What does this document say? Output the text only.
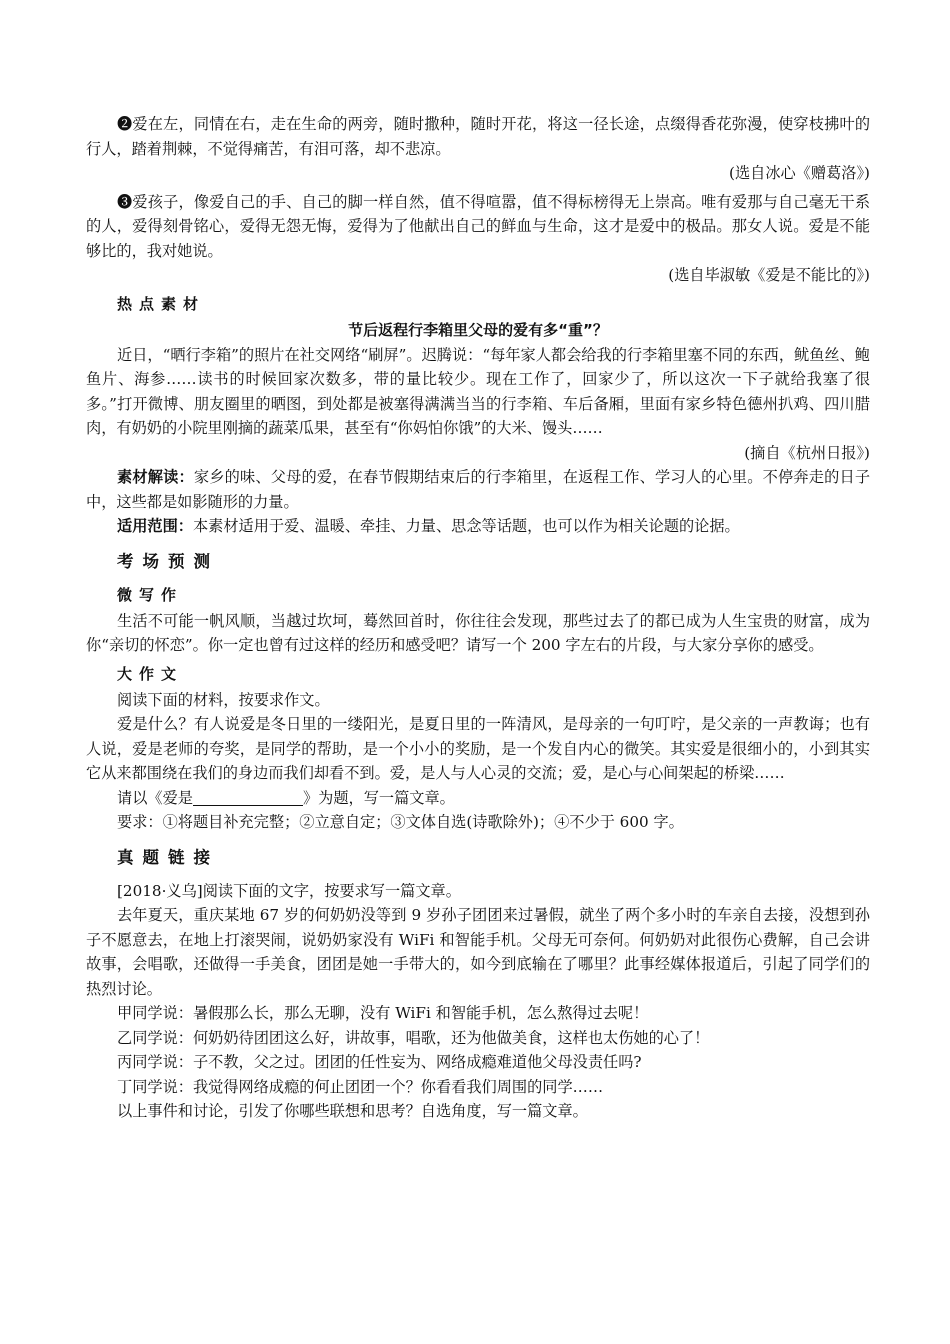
❷爱在左，同情在右，走在生命的两旁，随时撒种，随时开花，将这一径长途，点缀得香花弥漫，使穿枝拂叶的行人，踏着荆棘，不觉得痛苦，有泪可落，却不悲凉。

(选自冰心《赠葛洛》)

❸爱孩子，像爱自己的手、自己的脚一样自然，值不得喧嚣，值不得标榜得无上崇高。唯有爱那与自己毫无干系的人，爱得刻骨铭心，爱得无怨无悔，爱得为了他献出自己的鲜血与生命，这才是爱中的极品。那女人说。爱是不能够比的，我对她说。

(选自毕淑敏《爱是不能比的》)

热点素材
节后返程行李箱里父母的爱有多“重”？

近日，“晒行李箱”的照片在社交网络“刷屏”。迟腾说：“每年家人都会给我的行李箱里塞不同的东西，鱿鱼丝、鲍鱼片、海参……读书的时候回家次数多，带的量比较少。现在工作了，回家少了，所以这次一下子就给我塞了很多。”打开微博、朋友圈里的晒图，到处都是被塞得满满当当的行李箱、车后备厢，里面有家乡特色德州扒鸡、四川腊肉，有奶奶的小院里刚摘的蔬菜瓜果，甚至有“你妈怕你饿”的大米、馒头……

(摘自《杭州日报》)

素材解读：家乡的味、父母的爱，在春节假期结束后的行李箱里，在返程工作、学习人的心里。不停奔走的日子中，这些都是如影随形的力量。

适用范围：本素材适用于爱、温暖、牵挂、力量、思念等话题，也可以作为相关论题的论据。

考场预测
微写作

生活不可能一帆风顺，当越过坎坷，蓦然回首时，你往往会发现，那些过去了的都已成为人生宝贵的财富，成为你“亲切的怀恋”。你一定也曾有过这样的经历和感受吧？请写一个 200 字左右的片段，与大家分享你的感受。

大作文

阅读下面的材料，按要求作文。

爱是什么？有人说爱是冬日里的一缕阳光，是夏日里的一阵清风，是母亲的一句叮咛，是父亲的一声教诲；也有人说，爱是老师的夸奖，是同学的帮助，是一个小小的奖励，是一个发自内心的微笑。其实爱是很细小的，小到其实它从来都围绕在我们的身边而我们却看不到。爱，是人与人心灵的交流；爱，是心与心间架起的桥梁……

请以《爱是	》为题，写一篇文章。

要求：①将题目补充完整；②立意自定；③文体自选(诗歌除外)；④不少于 600 字。

真题链接

[2018·义乌]阅读下面的文字，按要求写一篇文章。

去年夏天，重庆某地 67 岁的何奶奶没等到 9 岁孙子团团来过暑假，就坐了两个多小时的车亲自去接，没想到孙子不愿意去，在地上打滚哭闹，说奶奶家没有 WiFi 和智能手机。父母无可奈何。何奶奶对此很伤心费解，自己会讲故事，会唱歌，还做得一手美食，团团是她一手带大的，如今到底输在了哪里？此事经媒体报道后，引起了同学们的热烈讨论。

甲同学说：暑假那么长，那么无聊，没有 WiFi 和智能手机，怎么熬得过去呢！

乙同学说：何奶奶待团团这么好，讲故事，唱歌，还为他做美食，这样也太伤她的心了！

丙同学说：子不教，父之过。团团的任性妄为、网络成瘾难道他父母没责任吗?

丁同学说：我觉得网络成瘾的何止团团一个？你看看我们周围的同学……

以上事件和讨论，引发了你哪些联想和思考？自选角度，写一篇文章。
